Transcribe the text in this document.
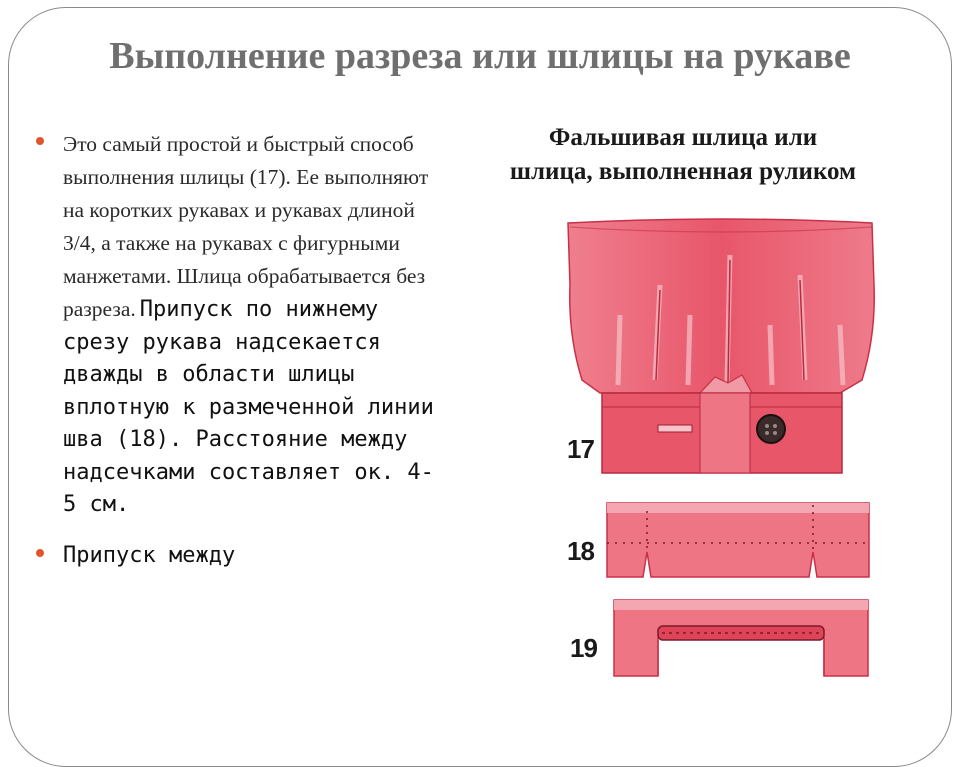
Выполнение разреза или шлицы на рукаве
Это самый простой и быстрый способ выполнения шлицы (17). Ее выполняют на коротких рукавах и рукавах длиной 3/4, а также на рукавах с фигурными манжетами. Шлица обрабатывается без разреза. Припуск по нижнему срезу рукава надсекается дважды в области шлицы вплотную к размеченной линии шва (18). Расстояние между надсечками составляет ок. 4-5 см.
Припуск между
Фальшивая шлица или
шлица, выполненная руликом
17
18
19
